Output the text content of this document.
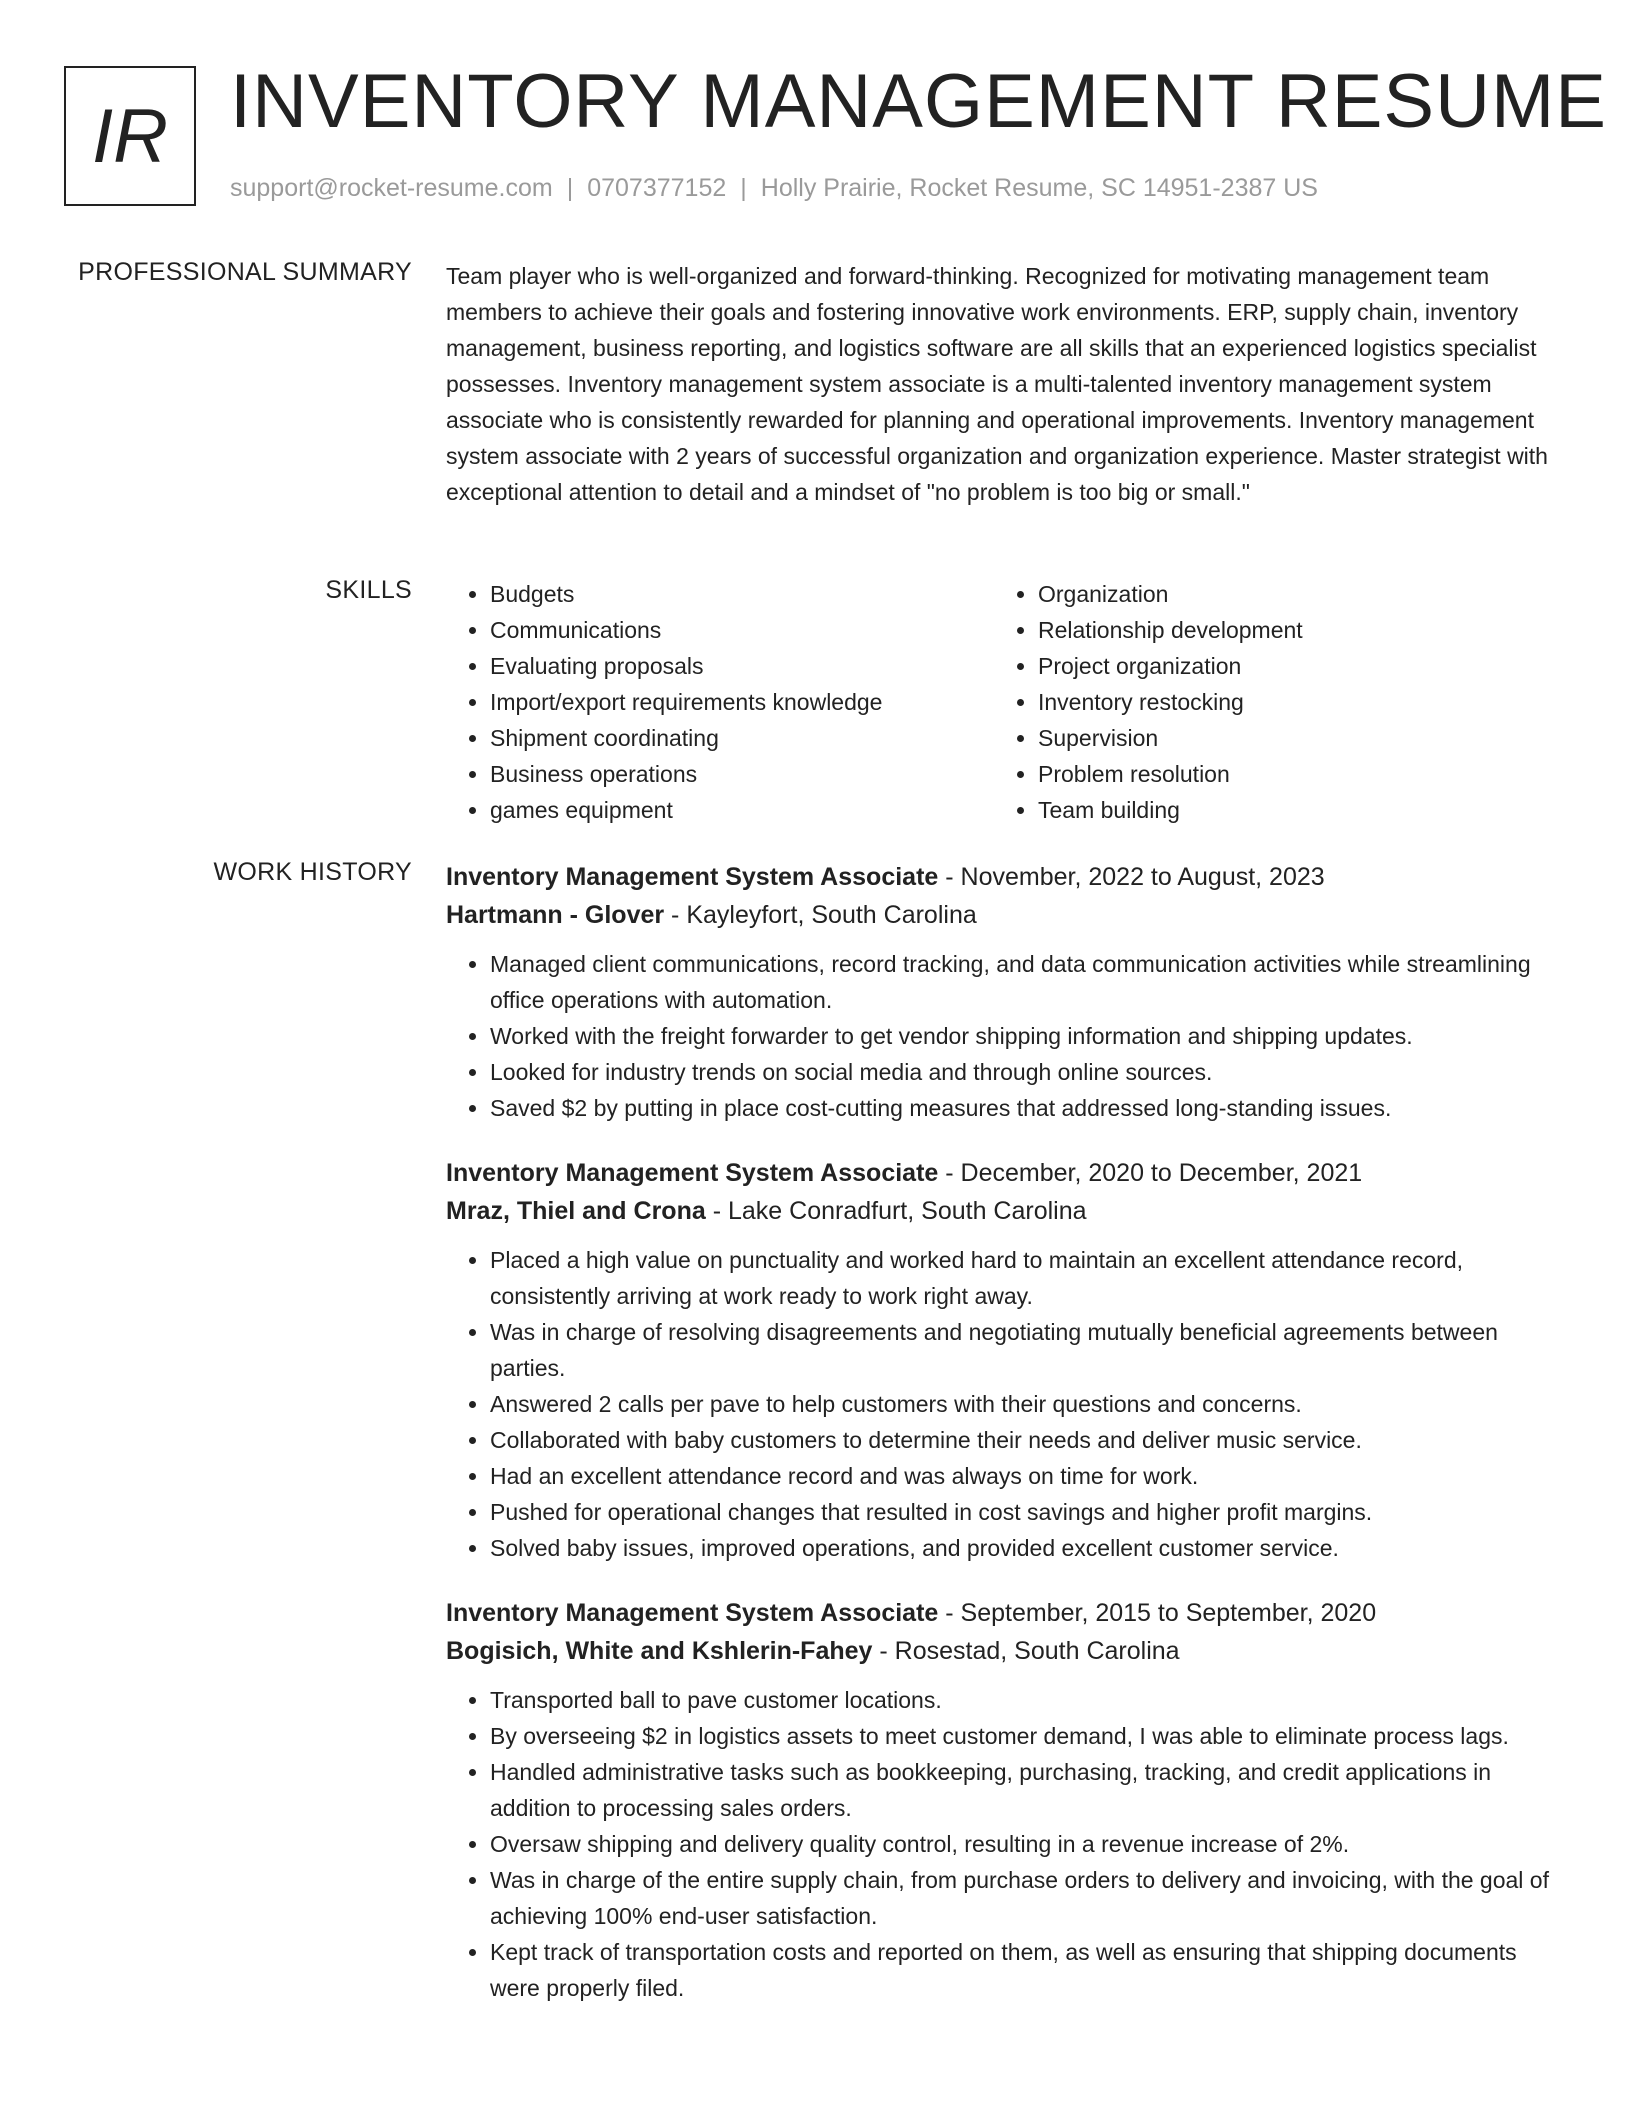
IR INVENTORY MANAGEMENT RESUME
support@rocket-resume.com | 0707377152 | Holly Prairie, Rocket Resume, SC 14951-2387 US
PROFESSIONAL SUMMARY Team player who is well-organized and forward-thinking. Recognized for motivating management team members to achieve their goals and fostering innovative work environments. ERP, supply chain, inventory management, business reporting, and logistics software are all skills that an experienced logistics specialist possesses. Inventory management system associate is a multi-talented inventory management system associate who is consistently rewarded for planning and operational improvements. Inventory management system associate with 2 years of successful organization and organization experience. Master strategist with exceptional attention to detail and a mindset of "no problem is too big or small."

SKILLS
•	Budgets
• Communications
• Evaluating proposals
• Import/export requirements knowledge
• Shipment coordinating
• Business operations
• games equipment
• Organization
• Relationship development
• Project organization
• Inventory restocking
• Supervision
• Problem resolution
• Team building
WORK HISTORY Inventory Management System Associate - November, 2022 to August, 2023
Hartmann - Glover - Kayleyfort, South Carolina
• Managed client communications, record tracking, and data communication activities while streamlining office operations with automation.
• Worked with the freight forwarder to get vendor shipping information and shipping updates.
• Looked for industry trends on social media and through online sources.
• Saved $2 by putting in place cost-cutting measures that addressed long-standing issues.
Inventory Management System Associate - December, 2020 to December, 2021
Mraz, Thiel and Crona - Lake Conradfurt, South Carolina
• Placed a high value on punctuality and worked hard to maintain an excellent attendance record, consistently arriving at work ready to work right away.
• Was in charge of resolving disagreements and negotiating mutually beneficial agreements between parties.
• Answered 2 calls per pave to help customers with their questions and concerns.
• Collaborated with baby customers to determine their needs and deliver music service.
• Had an excellent attendance record and was always on time for work.
• Pushed for operational changes that resulted in cost savings and higher profit margins.
• Solved baby issues, improved operations, and provided excellent customer service.
Inventory Management System Associate - September, 2015 to September, 2020
Bogisich, White and Kshlerin-Fahey - Rosestad, South Carolina
• Transported ball to pave customer locations.
• By overseeing $2 in logistics assets to meet customer demand, I was able to eliminate process lags.
• Handled administrative tasks such as bookkeeping, purchasing, tracking, and credit applications in addition to processing sales orders.
• Oversaw shipping and delivery quality control, resulting in a revenue increase of 2%.
• Was in charge of the entire supply chain, from purchase orders to delivery and invoicing, with the goal of achieving 100% end-user satisfaction.
• Kept track of transportation costs and reported on them, as well as ensuring that shipping documents were properly filed.
